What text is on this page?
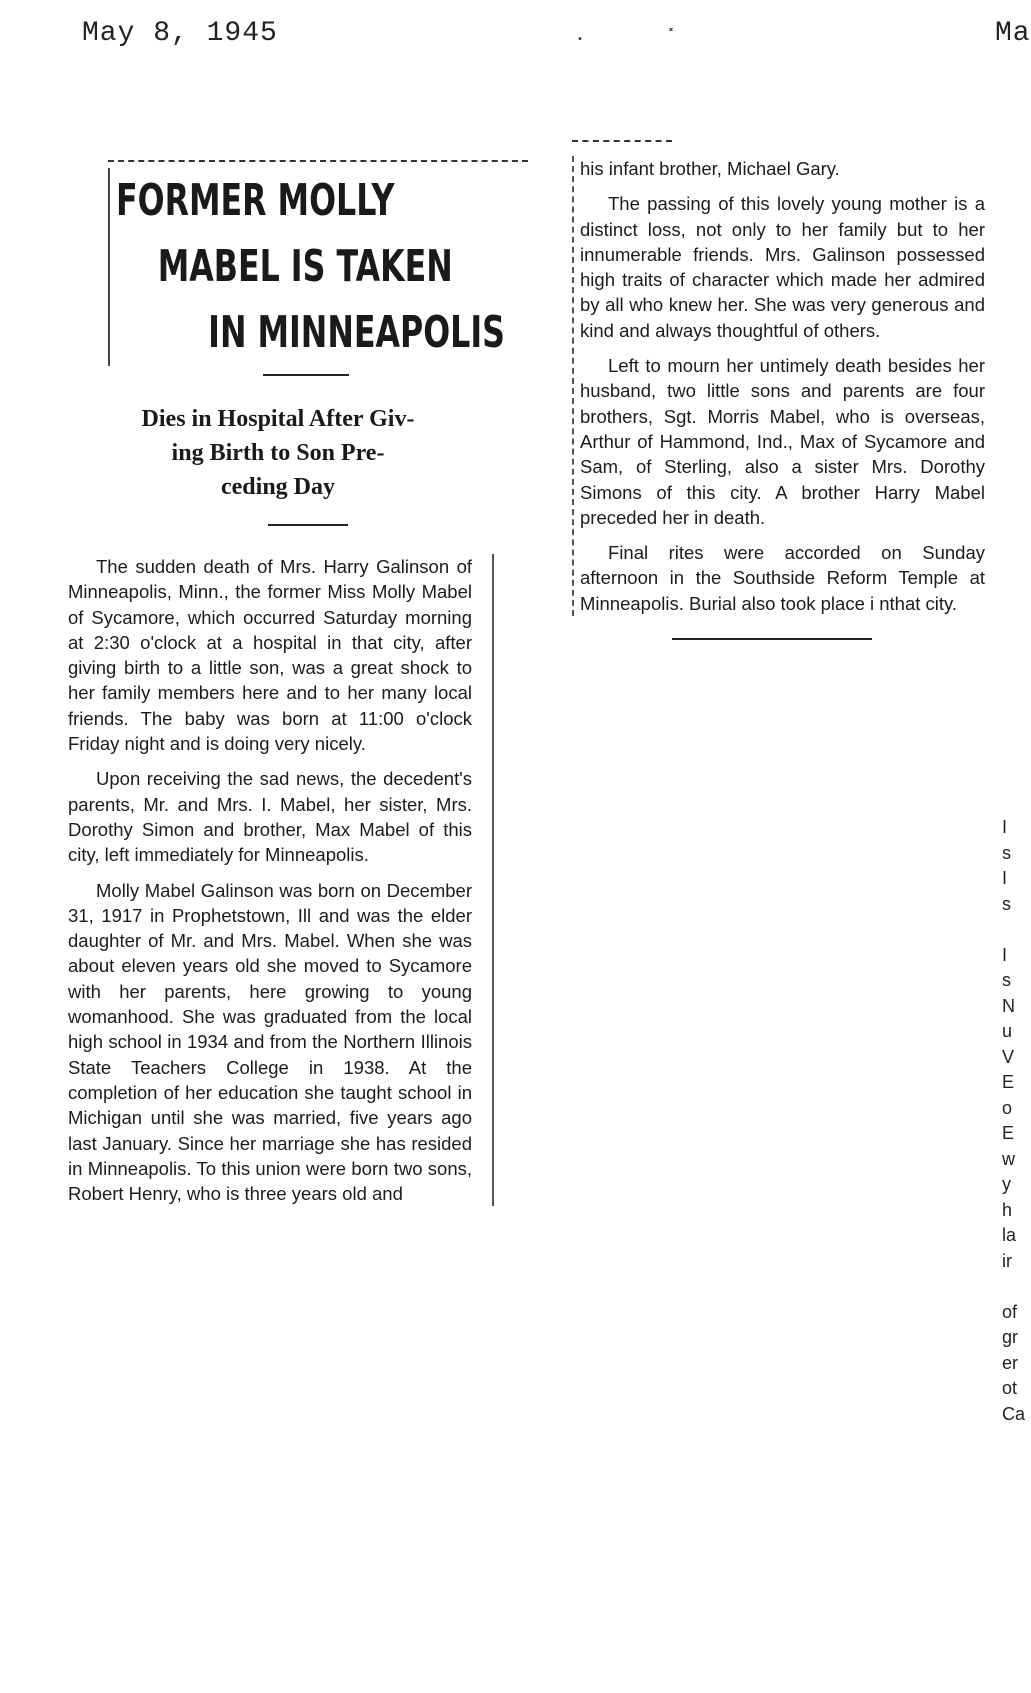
May 8, 1945	Ma
•	˟
FORMER MOLLY
MABEL IS TAKEN
IN MINNEAPOLIS
Dies in Hospital After Giv-
ing Birth to Son Pre-
ceding Day

The sudden death of Mrs. Harry Galinson of Minneapolis, Minn., the former Miss Molly Mabel of Sycamore, which occurred Saturday morning at 2:30 o'clock at a hospital in that city, after giving birth to a little son, was a great shock to her family members here and to her many local friends. The baby was born at 11:00 o'clock Friday night and is doing very nicely.

Upon receiving the sad news, the decedent's parents, Mr. and Mrs. I. Mabel, her sister, Mrs. Dorothy Simon and brother, Max Mabel of this city, left immediately for Minneapolis.

Molly Mabel Galinson was born on December 31, 1917 in Prophetstown, Ill and was the elder daughter of Mr. and Mrs. Mabel. When she was about eleven years old she moved to Sycamore with her parents, here growing to young womanhood. She was graduated from the local high school in 1934 and from the Northern Illinois State Teachers College in 1938. At the completion of her education she taught school in Michigan until she was married, five years ago last January. Since her marriage she has resided in Minneapolis. To this union were born two sons, Robert Henry, who is three years old and

his infant brother, Michael Gary.

The passing of this lovely young mother is a distinct loss, not only to her family but to her innumerable friends. Mrs. Galinson possessed high traits of character which made her admired by all who knew her. She was very generous and kind and always thoughtful of others.

Left to mourn her untimely death besides her husband, two little sons and parents are four brothers, Sgt. Morris Mabel, who is overseas, Arthur of Hammond, Ind., Max of Sycamore and Sam, of Sterling, also a sister Mrs. Dorothy Simons of this city. A brother Harry Mabel preceded her in death.

Final rites were accorded on Sunday afternoon in the Southside Reform Temple at Minneapolis. Burial also took place i nthat city.

I
s
I
s

I
s
N
u
V
E
o
E
w
y
h
la
ir

of
gr
er
ot
Ca
